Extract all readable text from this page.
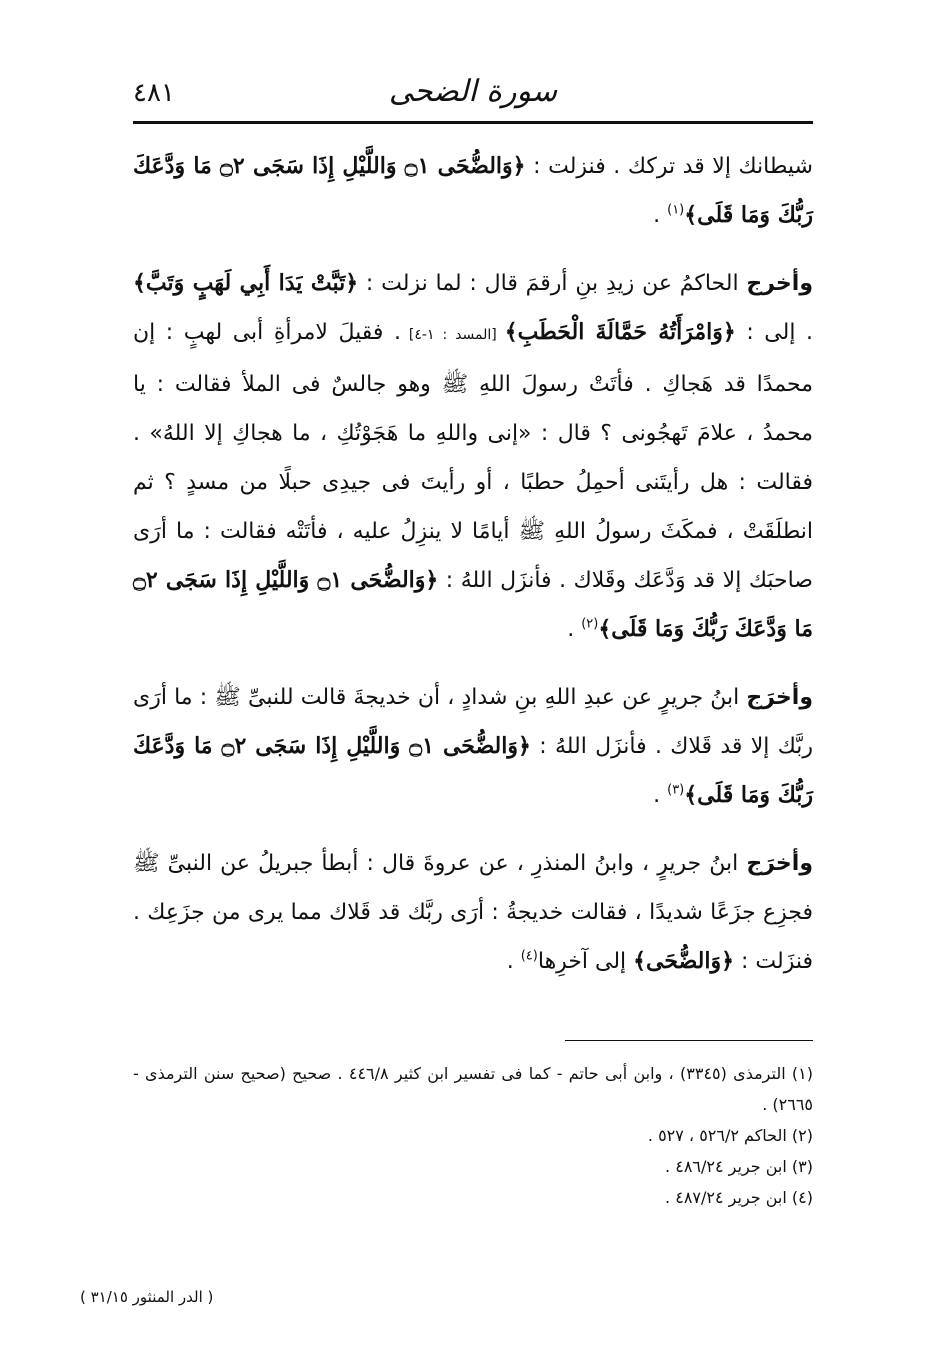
٤٨١	سورة الضحى

شيطانك إلا قد تركك . فنزلت : ﴿وَالضُّحَى ۝١ وَاللَّيْلِ إِذَا سَجَى ۝٢ مَا وَدَّعَكَ رَبُّكَ وَمَا قَلَى﴾$^{(١)}$ .

وأخرج الحاكمُ عن زيدِ بنِ أرقمَ قال : لما نزلت : ﴿تَبَّتْ يَدَا أَبِي لَهَبٍ وَتَبَّ﴾ . إلى : ﴿وَامْرَأَتُهُ حَمَّالَةَ الْحَطَبِ﴾ [المسد : ١-٤] . فقيلَ لامرأةِ أبى لهبٍ : إن محمدًا قد هَجاكِ . فأتَتْ رسولَ اللهِ ﷺ وهو جالسٌ فى الملأ فقالت : يا محمدُ ، علامَ تَهجُونى ؟ قال : «إنى واللهِ ما هَجَوْتُكِ ، ما هجاكِ إلا اللهُ» . فقالت : هل رأيتَنى أحمِلُ حطبًا ، أو رأيتَ فى جيدِى حبلًا من مسدٍ ؟ ثم انطلَقَتْ ، فمكَثَ رسولُ اللهِ ﷺ أيامًا لا ينزِلُ عليه ، فأتَتْه فقالت : ما أرَى صاحبَك إلا قد وَدَّعَك وقَلاك . فأنزَل اللهُ : ﴿وَالضُّحَى ۝١ وَاللَّيْلِ إِذَا سَجَى ۝٢ مَا وَدَّعَكَ رَبُّكَ وَمَا قَلَى﴾$^{(٢)}$ .

وأخرَج ابنُ جريرٍ عن عبدِ اللهِ بنِ شدادٍ ، أن خديجةَ قالت للنبىِّ ﷺ : ما أرَى ربَّك إلا قد قَلاك . فأنزَل اللهُ : ﴿وَالضُّحَى ۝١ وَاللَّيْلِ إِذَا سَجَى ۝٢ مَا وَدَّعَكَ رَبُّكَ وَمَا قَلَى﴾$^{(٣)}$ .

وأخرَج ابنُ جريرٍ ، وابنُ المنذرِ ، عن عروةَ قال : أبطأ جبريلُ عن النبىِّ ﷺ فجزِع جزَعًا شديدًا ، فقالت خديجةُ : أرَى ربَّك قد قَلاك مما يرى من جزَعِك . فنزَلت : ﴿وَالضُّحَى﴾ إلى آخرِها$^{(٤)}$ .

(١) الترمذى (٣٣٤٥) ، وابن أبى حاتم - كما فى تفسير ابن كثير ٤٤٦/٨ . صحيح (صحيح سنن الترمذى - ٢٦٦٥) .

(٢) الحاكم ٥٢٦/٢ ، ٥٢٧ .

(٣) ابن جرير ٤٨٦/٢٤ .

(٤) ابن جرير ٤٨٧/٢٤ .

( الدر المنثور ٣١/١٥ )
